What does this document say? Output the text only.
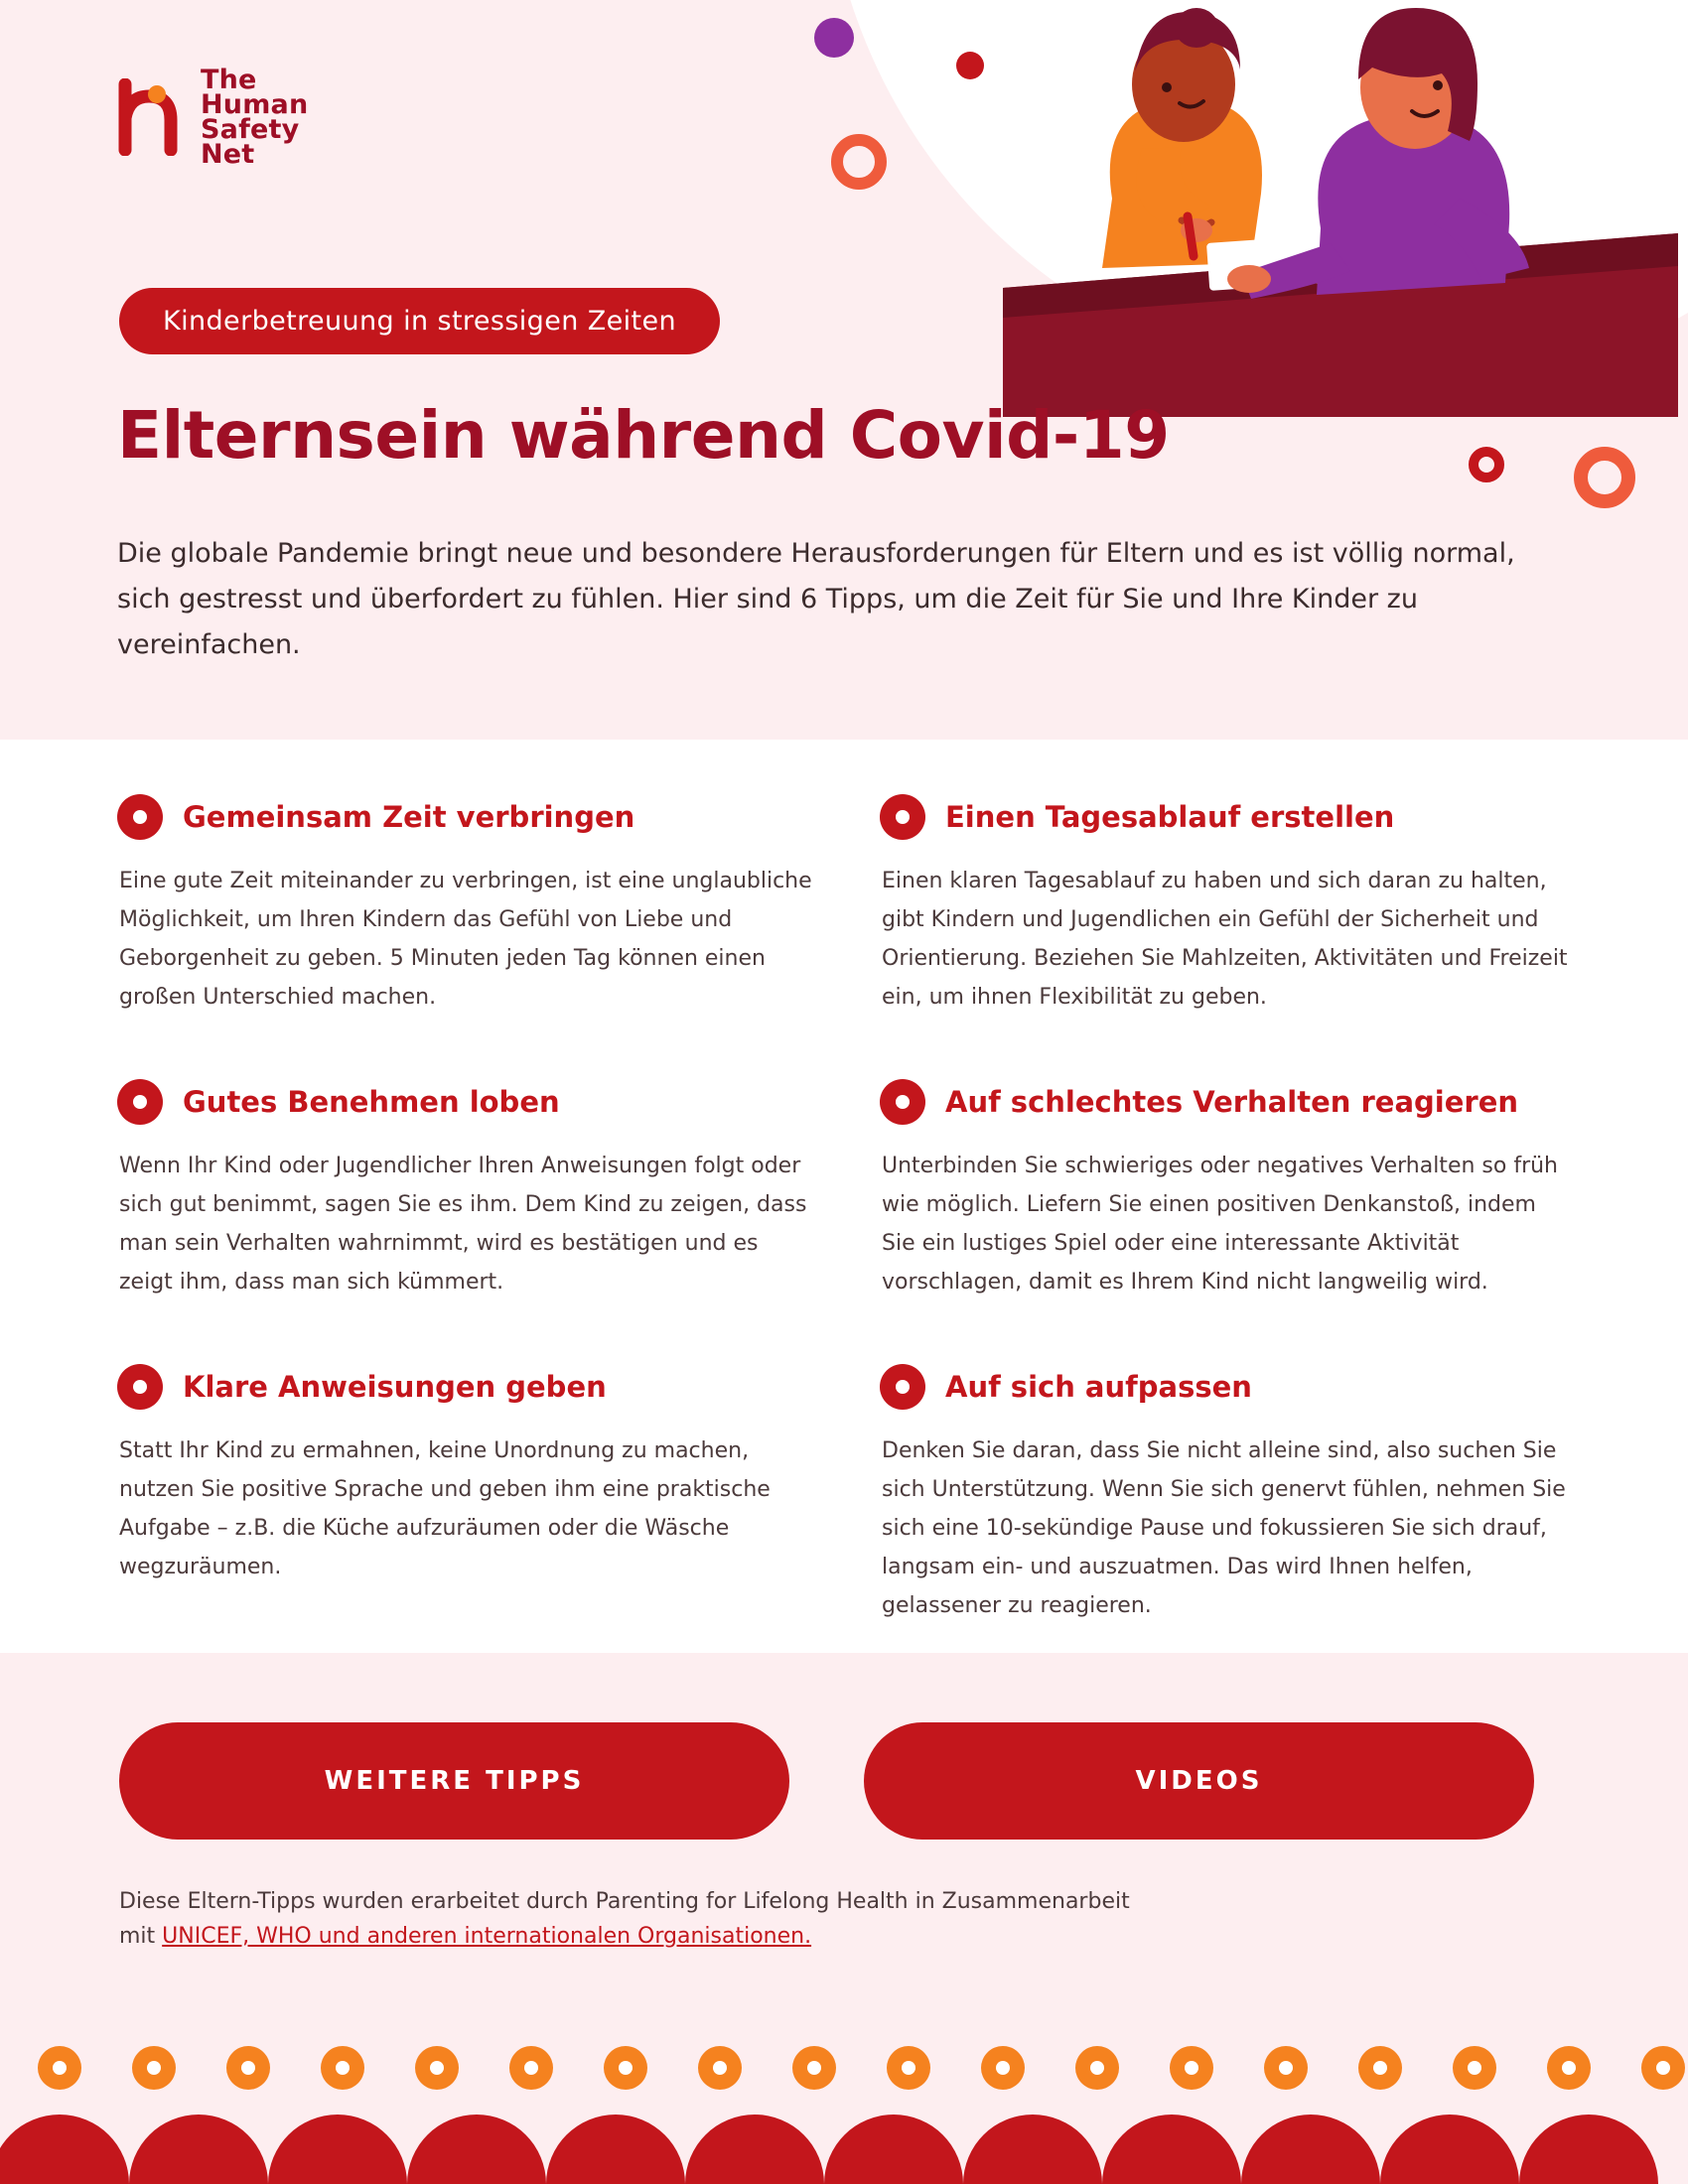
The
Human
Safety
Net
Kinderbetreuung in stressigen Zeiten
Elternsein während Covid-19

Die globale Pandemie bringt neue und besondere Herausforderungen für Eltern und es ist völlig normal, sich gestresst und überfordert zu fühlen. Hier sind 6 Tipps, um die Zeit für Sie und Ihre Kinder zu vereinfachen.

Gemeinsam Zeit verbringen

Eine gute Zeit miteinander zu verbringen, ist eine unglaubliche Möglichkeit, um Ihren Kindern das Gefühl von Liebe und Geborgenheit zu geben. 5 Minuten jeden Tag können einen großen Unterschied machen.

Einen Tagesablauf erstellen

Einen klaren Tagesablauf zu haben und sich daran zu halten, gibt Kindern und Jugendlichen ein Gefühl der Sicherheit und Orientierung. Beziehen Sie Mahlzeiten, Aktivitäten und Freizeit ein, um ihnen Flexibilität zu geben.

Gutes Benehmen loben

Wenn Ihr Kind oder Jugendlicher Ihren Anweisungen folgt oder sich gut benimmt, sagen Sie es ihm. Dem Kind zu zeigen, dass man sein Verhalten wahrnimmt, wird es bestätigen und es zeigt ihm, dass man sich kümmert.

Auf schlechtes Verhalten reagieren

Unterbinden Sie schwieriges oder negatives Verhalten so früh wie möglich. Liefern Sie einen positiven Denkanstoß, indem Sie ein lustiges Spiel oder eine interessante Aktivität vorschlagen, damit es Ihrem Kind nicht langweilig wird.

Klare Anweisungen geben

Statt Ihr Kind zu ermahnen, keine Unordnung zu machen, nutzen Sie positive Sprache und geben ihm eine praktische Aufgabe – z.B. die Küche aufzuräumen oder die Wäsche wegzuräumen.

Auf sich aufpassen

Denken Sie daran, dass Sie nicht alleine sind, also suchen Sie sich Unterstützung. Wenn Sie sich genervt fühlen, nehmen Sie sich eine 10-sekündige Pause und fokussieren Sie sich drauf, langsam ein- und auszuatmen. Das wird Ihnen helfen, gelassener zu reagieren.

WEITERE TIPPS	VIDEOS

Diese Eltern-Tipps wurden erarbeitet durch Parenting for Lifelong Health in Zusammenarbeit
mit UNICEF, WHO und anderen internationalen Organisationen.
